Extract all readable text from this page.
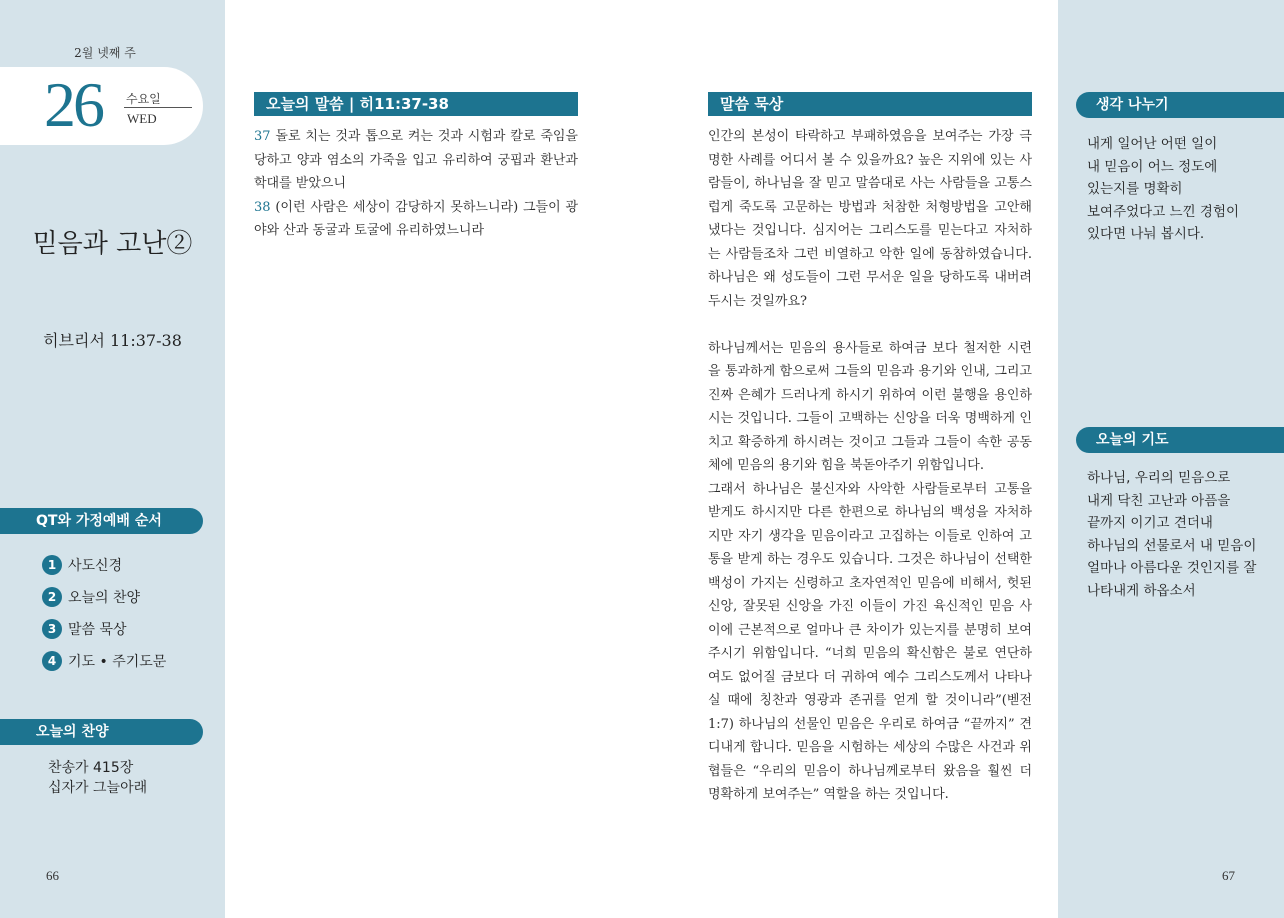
2월 넷째 주
26 수요일
WED
믿음과 고난②
히브리서 11:37-38
QT와 가정예배 순서
1 사도신경
2 오늘의 찬양
3 말씀 묵상
4 기도 • 주기도문
오늘의 찬양
찬송가 415장
십자가 그늘아래
66
오늘의 말씀 | 히11:37-38
37 돌로 치는 것과 톱으로 켜는 것과 시험과 칼로 죽임을 당하고 양과 염소의 가죽을 입고 유리하여 궁핍과 환난과 학대를 받았으니
38 (이런 사람은 세상이 감당하지 못하느니라) 그들이 광야와 산과 동굴과 토굴에 유리하였느니라
말씀 묵상

인간의 본성이 타락하고 부패하였음을 보여주는 가장 극명한 사례를 어디서 볼 수 있을까요? 높은 지위에 있는 사람들이, 하나님을 잘 믿고 말씀대로 사는 사람들을 고통스럽게 죽도록 고문하는 방법과 처참한 처형방법을 고안해 냈다는 것입니다. 심지어는 그리스도를 믿는다고 자처하는 사람들조차 그런 비열하고 악한 일에 동참하였습니다. 하나님은 왜 성도들이 그런 무서운 일을 당하도록 내버려두시는 것일까요?

하나님께서는 믿음의 용사들로 하여금 보다 철저한 시련을 통과하게 함으로써 그들의 믿음과 용기와 인내, 그리고 진짜 은혜가 드러나게 하시기 위하여 이런 불행을 용인하시는 것입니다. 그들이 고백하는 신앙을 더욱 명백하게 인치고 확증하게 하시려는 것이고 그들과 그들이 속한 공동체에 믿음의 용기와 힘을 북돋아주기 위함입니다.

그래서 하나님은 불신자와 사악한 사람들로부터 고통을 받게도 하시지만 다른 한편으로 하나님의 백성을 자처하지만 자기 생각을 믿음이라고 고집하는 이들로 인하여 고통을 받게 하는 경우도 있습니다. 그것은 하나님이 선택한 백성이 가지는 신령하고 초자연적인 믿음에 비해서, 헛된 신앙, 잘못된 신앙을 가진 이들이 가진 육신적인 믿음 사이에 근본적으로 얼마나 큰 차이가 있는지를 분명히 보여주시기 위함입니다. “너희 믿음의 확신함은 불로 연단하여도 없어질 금보다 더 귀하여 예수 그리스도께서 나타나실 때에 칭찬과 영광과 존귀를 얻게 할 것이니라”(벧전1:7) 하나님의 선물인 믿음은 우리로 하여금 “끝까지” 견디내게 합니다. 믿음을 시험하는 세상의 수많은 사건과 위협들은 “우리의 믿음이 하나님께로부터 왔음을 훨씬 더 명확하게 보여주는” 역할을 하는 것입니다.

생각 나누기
내게 일어난 어떤 일이
내 믿음이 어느 정도에
있는지를 명확히
보여주었다고 느낀 경험이
있다면 나눠 봅시다.
오늘의 기도
하나님, 우리의 믿음으로
내게 닥친 고난과 아픔을
끝까지 이기고 견더내
하나님의 선물로서 내 믿음이
얼마나 아름다운 것인지를 잘
나타내게 하옵소서
67
